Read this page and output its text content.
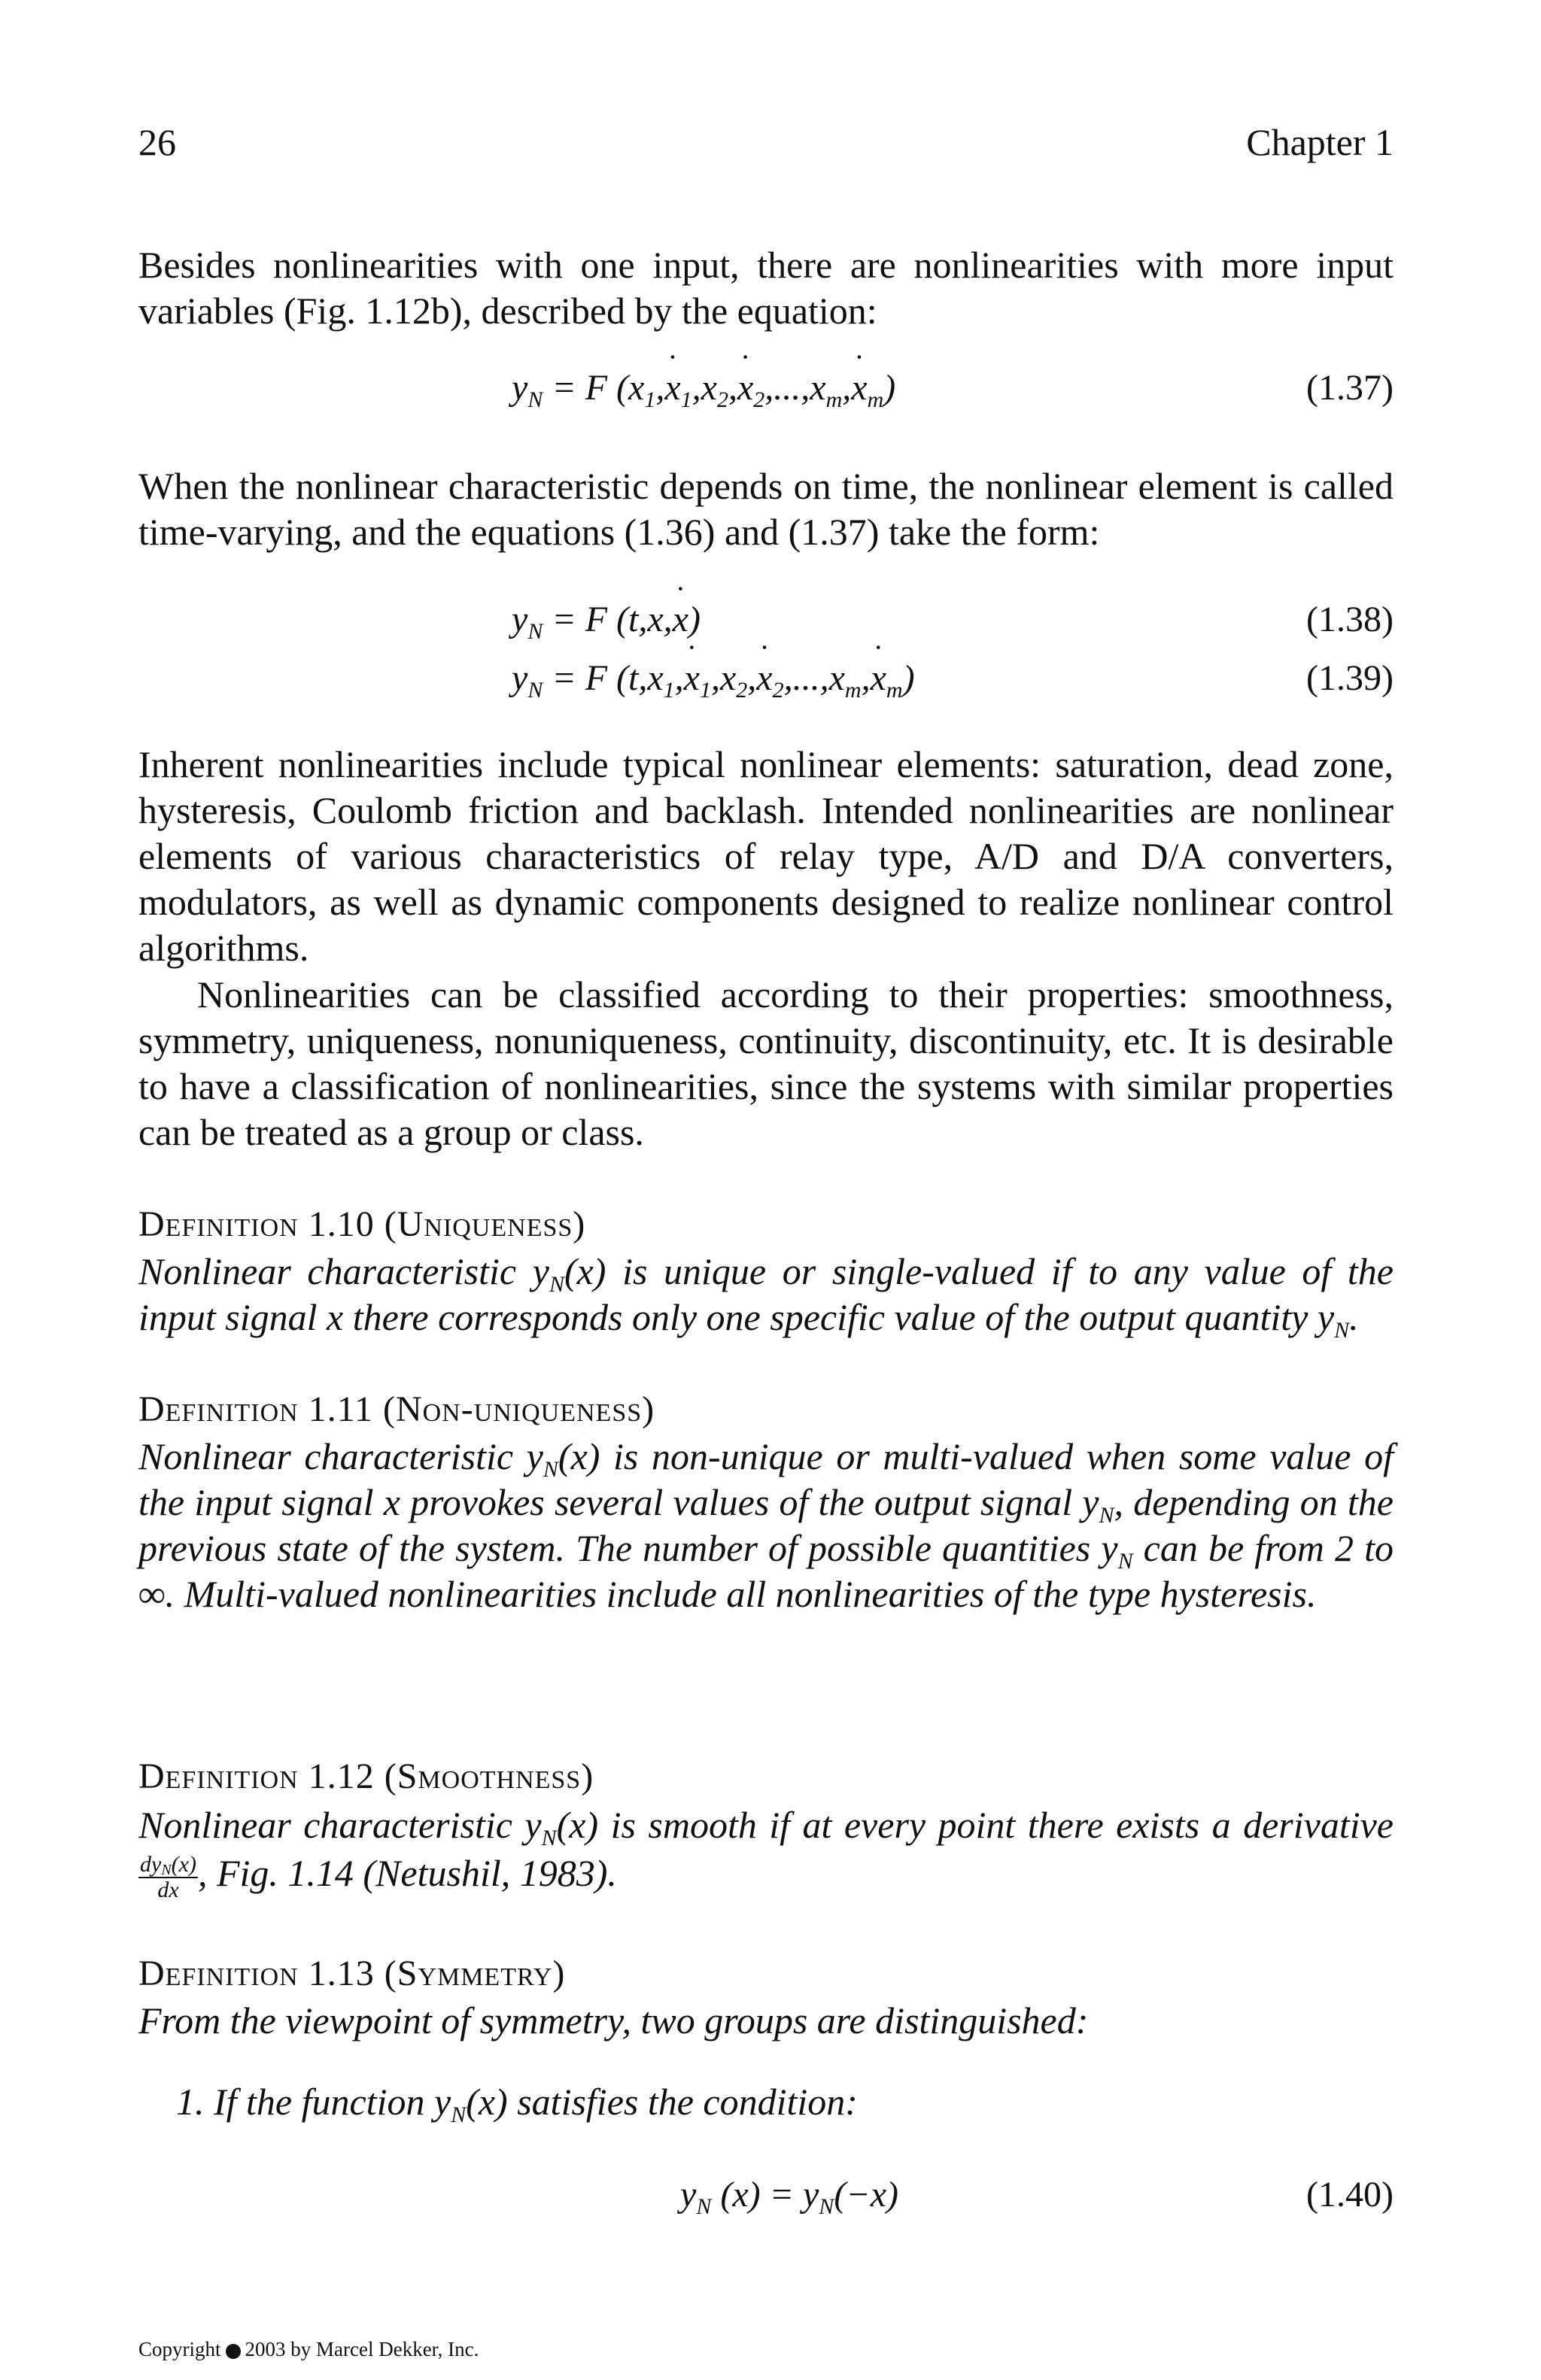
26	Chapter 1
Besides nonlinearities with one input, there are nonlinearities with more input variables (Fig. 1.12b), described by the equation:
$y_N = F$ ($x_1,x$ $˙_1,x_2,x$ $˙_2,...,x_m,x$ $˙_m$)	(1.37)
When the nonlinear characteristic depends on time, the nonlinear element is called time-varying, and the equations (1.36) and (1.37) take the form:
$y_N = F$ (t,x,x ˙)	(1.38)
$y_N = F$ ($t,x_1,x$ $˙_1,x_2,x$ $˙_2,...,x_m,x$ $˙_m$)	(1.39)
Inherent nonlinearities include typical nonlinear elements: saturation, dead zone, hysteresis, Coulomb friction and backlash. Intended nonlinearities are nonlinear elements of various characteristics of relay type, A/D and D/A converters, modulators, as well as dynamic components designed to realize nonlinear control algorithms.
Nonlinearities can be classified according to their properties: smoothness, symmetry, uniqueness, nonuniqueness, continuity, discontinuity, etc. It is desirable to have a classification of nonlinearities, since the systems with similar properties can be treated as a group or class.
Definition 1.10 (Uniqueness)
Nonlinear characteristic $y_N(x)$ is unique or single-valued if to any value of the input signal x there corresponds only one specific value of the output quantity $y_N$.
Definition 1.11 (Non-uniqueness)
Nonlinear characteristic $y_N(x)$ is non-unique or multi-valued when some value of the input signal x provokes several values of the output signal $y_N$, depending on the previous state of the system. The number of possible quantities $y_N$ can be from 2 to ∞. Multi-valued nonlinearities include all nonlinearities of the type hysteresis.
Definition 1.12 (Smoothness)
Nonlinear characteristic $y_N(x)$ is smooth if at every point there exists a derivative
$\frac{dy_N(x)}{dx}$ , Fig. 1.14 (Netushil, 1983).
Definition 1.13 (Symmetry)
From the viewpoint of symmetry, two groups are distinguished:
1. If the function $y_N(x)$ satisfies the condition:
$y_N$ $(x) = y_N(-x)$	(1.40)
Copyright 2003 by Marcel Dekker, Inc.
